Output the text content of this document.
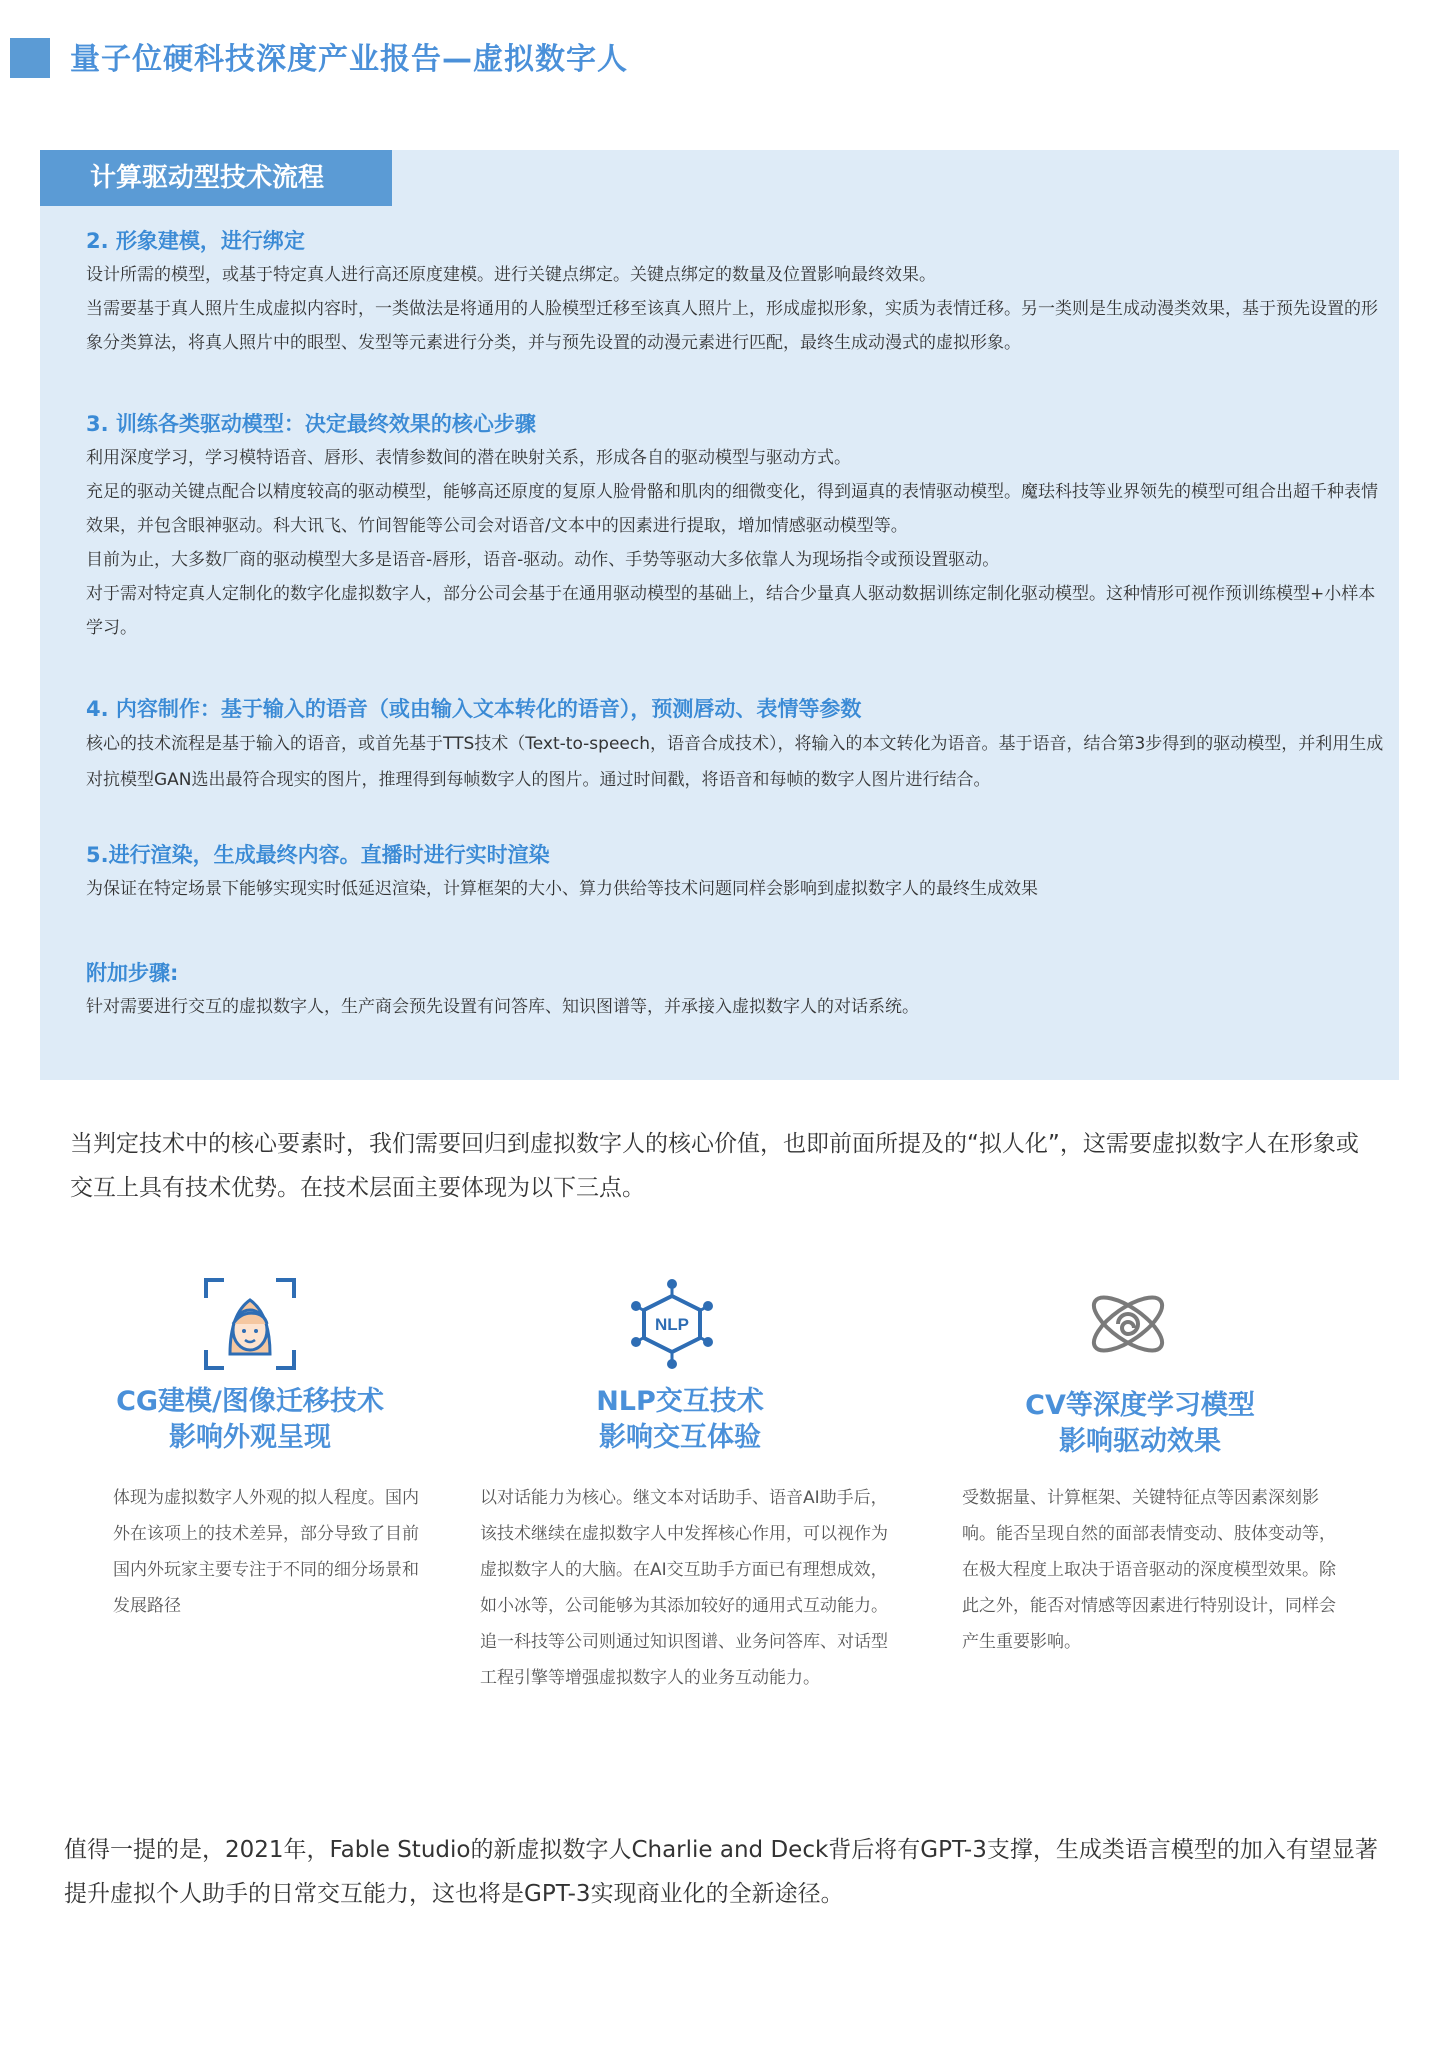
量子位硬科技深度产业报告—虚拟数字人
计算驱动型技术流程
2. 形象建模，进行绑定

设计所需的模型，或基于特定真人进行高还原度建模。进行关键点绑定。关键点绑定的数量及位置影响最终效果。

当需要基于真人照片生成虚拟内容时，一类做法是将通用的人脸模型迁移至该真人照片上，形成虚拟形象，实质为表情迁移。另一类则是生成动漫类效果，基于预先设置的形象分类算法，将真人照片中的眼型、发型等元素进行分类，并与预先设置的动漫元素进行匹配，最终生成动漫式的虚拟形象。

3. 训练各类驱动模型：决定最终效果的核心步骤

利用深度学习，学习模特语音、唇形、表情参数间的潜在映射关系，形成各自的驱动模型与驱动方式。

充足的驱动关键点配合以精度较高的驱动模型，能够高还原度的复原人脸骨骼和肌肉的细微变化，得到逼真的表情驱动模型。魔珐科技等业界领先的模型可组合出超千种表情效果，并包含眼神驱动。科大讯飞、竹间智能等公司会对语音/文本中的因素进行提取，增加情感驱动模型等。

目前为止，大多数厂商的驱动模型大多是语音-唇形，语音-驱动。动作、手势等驱动大多依靠人为现场指令或预设置驱动。

对于需对特定真人定制化的数字化虚拟数字人，部分公司会基于在通用驱动模型的基础上，结合少量真人驱动数据训练定制化驱动模型。这种情形可视作预训练模型+小样本学习。

4. 内容制作：基于输入的语音（或由输入文本转化的语音），预测唇动、表情等参数

核心的技术流程是基于输入的语音，或首先基于TTS技术（Text-to-speech，语音合成技术），将输入的本文转化为语音。基于语音，结合第3步得到的驱动模型，并利用生成对抗模型GAN选出最符合现实的图片，推理得到每帧数字人的图片。通过时间戳，将语音和每帧的数字人图片进行结合。

5.进行渲染，生成最终内容。直播时进行实时渲染

为保证在特定场景下能够实现实时低延迟渲染，计算框架的大小、算力供给等技术问题同样会影响到虚拟数字人的最终生成效果

附加步骤:

针对需要进行交互的虚拟数字人，生产商会预先设置有问答库、知识图谱等，并承接入虚拟数字人的对话系统。

当判定技术中的核心要素时，我们需要回归到虚拟数字人的核心价值，也即前面所提及的“拟人化”，这需要虚拟数字人在形象或交互上具有技术优势。在技术层面主要体现为以下三点。
CG建模/图像迁移技术
影响外观呈现
体现为虚拟数字人外观的拟人程度。国内外在该项上的技术差异，部分导致了目前国内外玩家主要专注于不同的细分场景和发展路径
NLP
NLP交互技术
影响交互体验
以对话能力为核心。继文本对话助手、语音AI助手后，该技术继续在虚拟数字人中发挥核心作用，可以视作为虚拟数字人的大脑。在AI交互助手方面已有理想成效，如小冰等，公司能够为其添加较好的通用式互动能力。追一科技等公司则通过知识图谱、业务问答库、对话型工程引擎等增强虚拟数字人的业务互动能力。
CV等深度学习模型
影响驱动效果
受数据量、计算框架、关键特征点等因素深刻影响。能否呈现自然的面部表情变动、肢体变动等，在极大程度上取决于语音驱动的深度模型效果。除此之外，能否对情感等因素进行特别设计，同样会产生重要影响。
值得一提的是，2021年，Fable Studio的新虚拟数字人Charlie and Deck背后将有GPT-3支撑，生成类语言模型的加入有望显著提升虚拟个人助手的日常交互能力，这也将是GPT-3实现商业化的全新途径。
